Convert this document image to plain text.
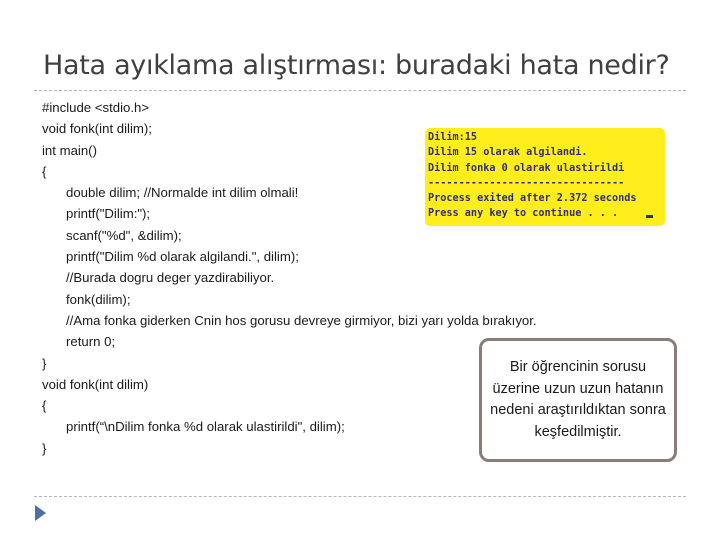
Hata ayıklama alıştırması: buradaki hata nedir?
#include <stdio.h>
void fonk(int dilim);
int main()
{
double dilim; //Normalde int dilim olmali!
printf("Dilim:");
scanf("%d", &dilim);
printf("Dilim %d olarak algilandi.", dilim);
//Burada dogru deger yazdirabiliyor.
fonk(dilim);
//Ama fonka giderken Cnin hos gorusu devreye girmiyor, bizi yarı yolda bırakıyor.
return 0;
}
void fonk(int dilim)
{
printf(“\nDilim fonka %d olarak ulastirildi", dilim);
}
Dilim:15
Dilim 15 olarak algilandi.
Dilim fonka 0 olarak ulastirildi
--------------------------------
Process exited after 2.372 seconds
Press any key to continue . . .
Bir öğrencinin sorusu üzerine uzun uzun hatanın nedeni araştırıldıktan sonra keşfedilmiştir.
